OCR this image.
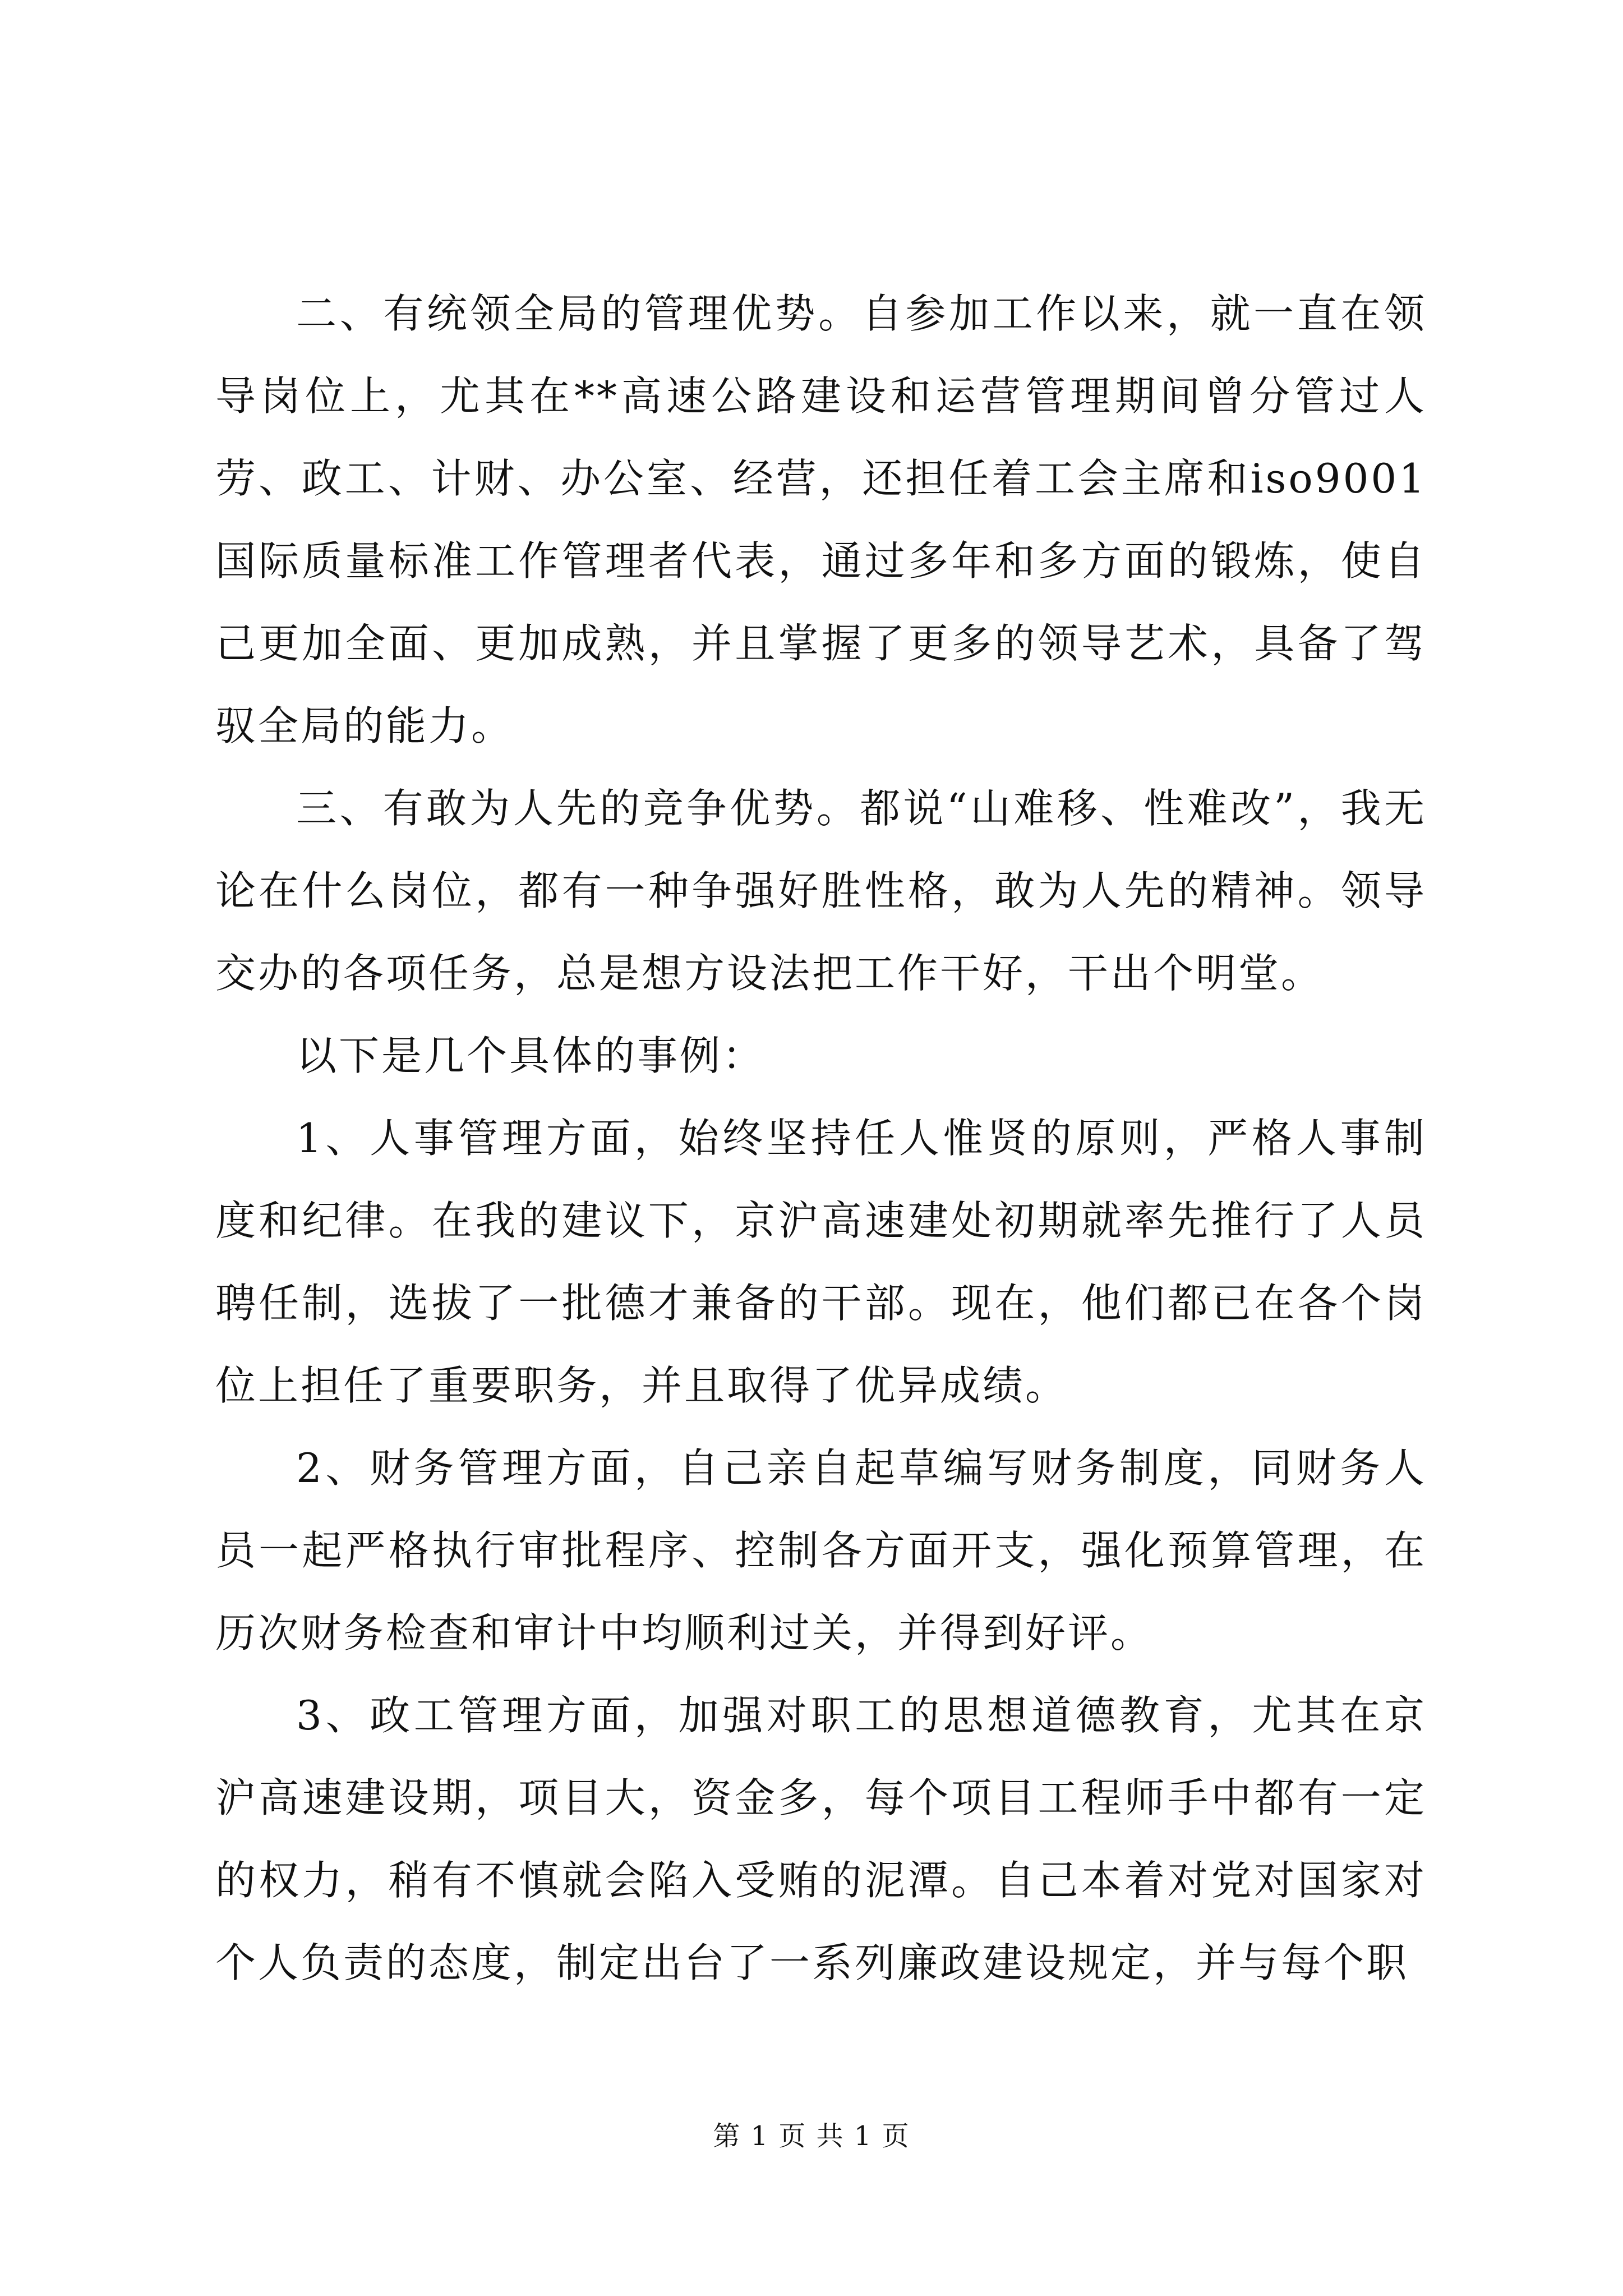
二、有统领全局的管理优势。自参加工作以来，就一直在领导岗位上，尤其在**高速公路建设和运营管理期间曾分管过人劳、政工、计财、办公室、经营，还担任着工会主席和iso9001国际质量标准工作管理者代表，通过多年和多方面的锻炼，使自己更加全面、更加成熟，并且掌握了更多的领导艺术，具备了驾驭全局的能力。

三、有敢为人先的竞争优势。都说“山难移、性难改”，我无论在什么岗位，都有一种争强好胜性格，敢为人先的精神。领导交办的各项任务，总是想方设法把工作干好，干出个明堂。

以下是几个具体的事例：

1、人事管理方面，始终坚持任人惟贤的原则，严格人事制度和纪律。在我的建议下，京沪高速建处初期就率先推行了人员聘任制，选拔了一批德才兼备的干部。现在，他们都已在各个岗位上担任了重要职务，并且取得了优异成绩。

2、财务管理方面，自己亲自起草编写财务制度，同财务人员一起严格执行审批程序、控制各方面开支，强化预算管理，在历次财务检查和审计中均顺利过关，并得到好评。

3、政工管理方面，加强对职工的思想道德教育，尤其在京沪高速建设期，项目大，资金多，每个项目工程师手中都有一定的权力，稍有不慎就会陷入受贿的泥潭。自己本着对党对国家对个人负责的态度，制定出台了一系列廉政建设规定，并与每个职

第 1 页 共 1 页
